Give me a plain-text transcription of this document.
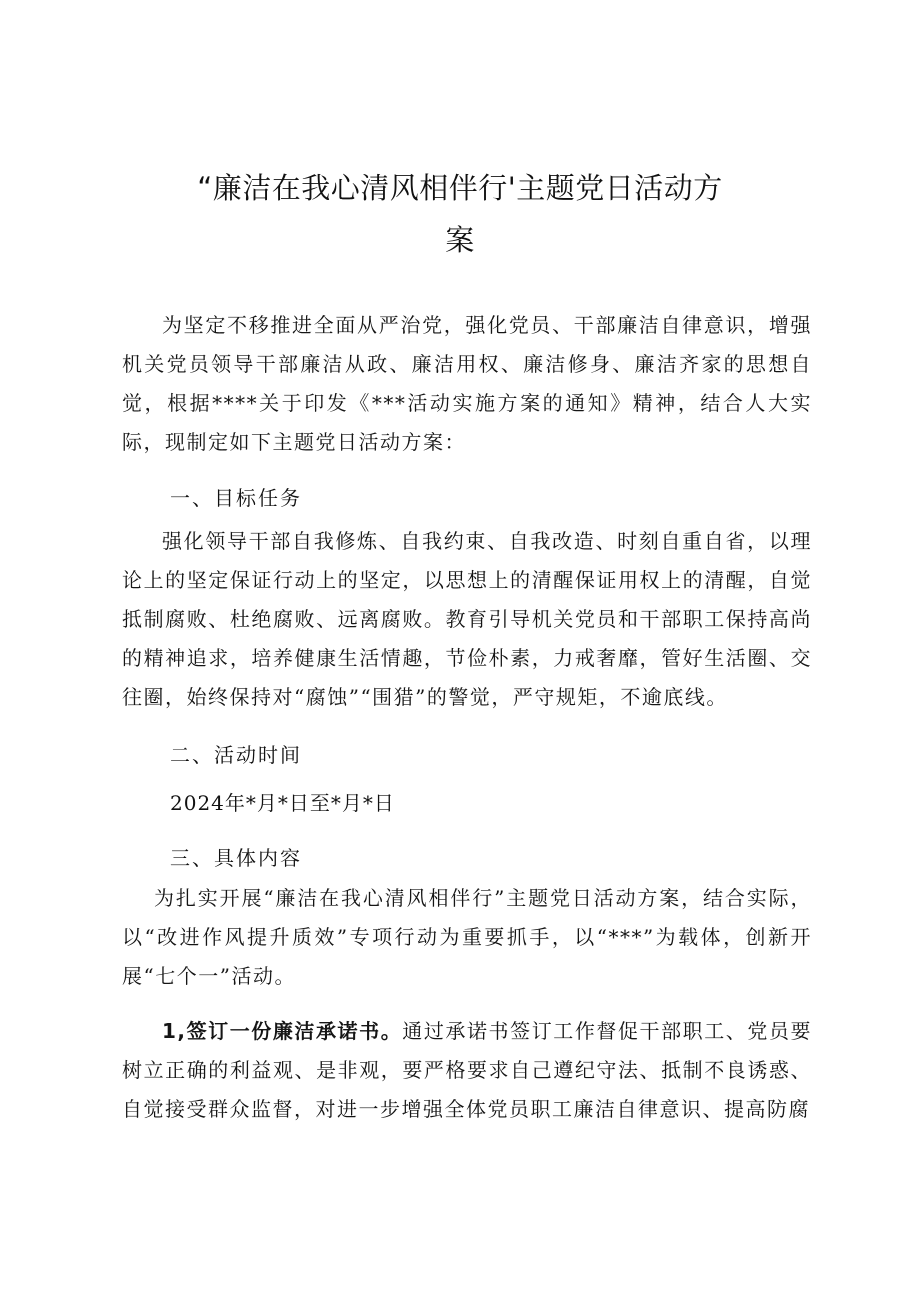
“廉洁在我心清风相伴行'主题党日活动方
案
为坚定不移推进全面从严治党，强化党员、干部廉洁自律意识，增强机关党员领导干部廉洁从政、廉洁用权、廉洁修身、廉洁齐家的思想自觉，根据****关于印发《***活动实施方案的通知》精神，结合人大实际，现制定如下主题党日活动方案：
一、目标任务
强化领导干部自我修炼、自我约束、自我改造、时刻自重自省，以理论上的坚定保证行动上的坚定，以思想上的清醒保证用权上的清醒，自觉抵制腐败、杜绝腐败、远离腐败。教育引导机关党员和干部职工保持高尚的精神追求，培养健康生活情趣，节俭朴素，力戒奢靡，管好生活圈、交往圈，始终保持对“腐蚀”“围猎”的警觉，严守规矩，不逾底线。
二、活动时间
2024年*月*日至*月*日
三、具体内容
为扎实开展“廉洁在我心清风相伴行”主题党日活动方案，结合实际，以“改进作风提升质效”专项行动为重要抓手，以“***”为载体，创新开展“七个一”活动。
1,签订一份廉洁承诺书。通过承诺书签订工作督促干部职工、党员要树立正确的利益观、是非观，要严格要求自己遵纪守法、抵制不良诱惑、自觉接受群众监督，对进一步增强全体党员职工廉洁自律意识、提高防腐
